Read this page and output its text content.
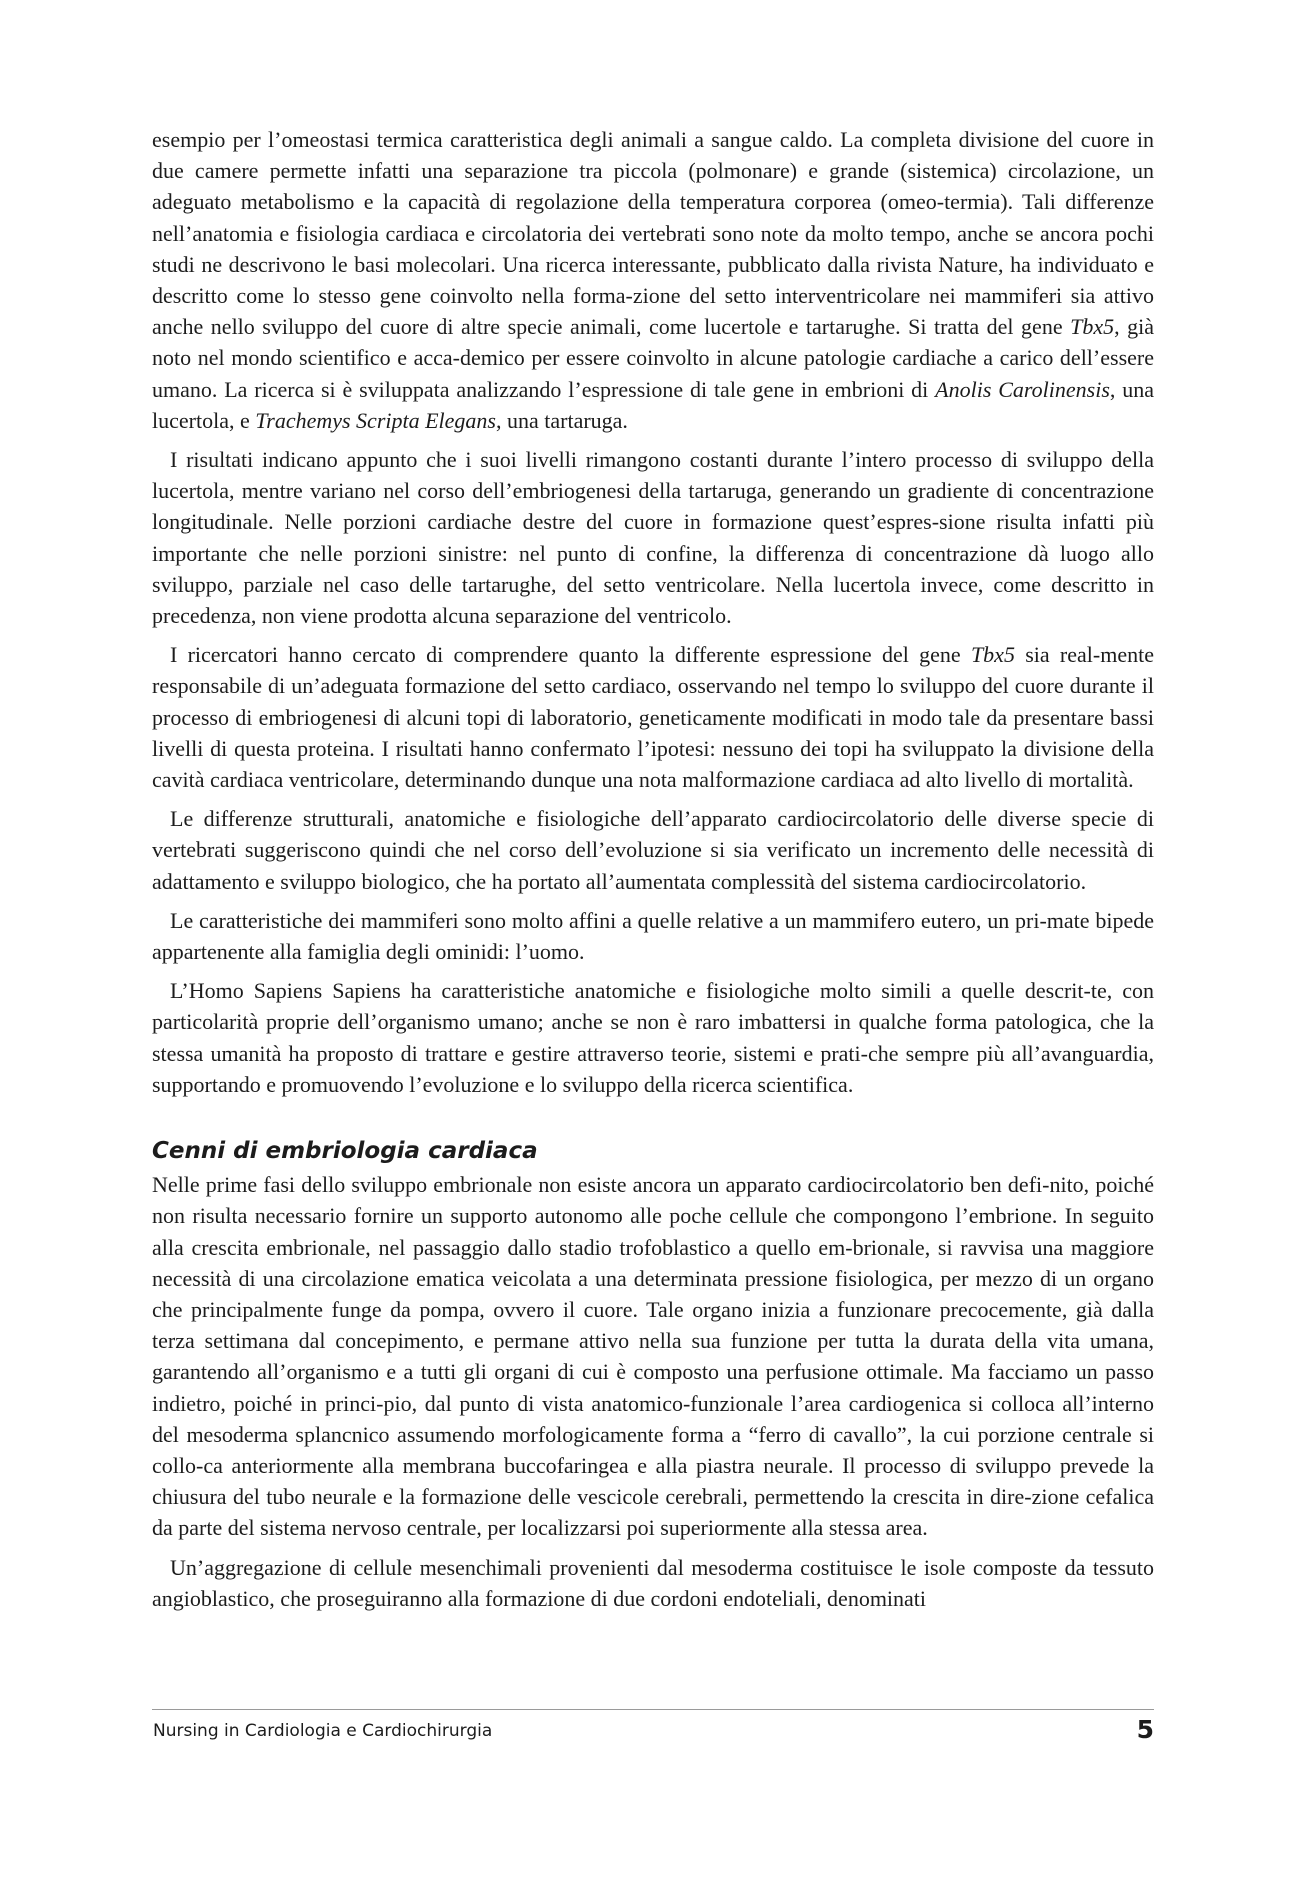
esempio per l’omeostasi termica caratteristica degli animali a sangue caldo. La completa divisione del cuore in due camere permette infatti una separazione tra piccola (polmonare) e grande (sistemica) circolazione, un adeguato metabolismo e la capacità di regolazione della temperatura corporea (omeo-termia). Tali differenze nell’anatomia e fisiologia cardiaca e circolatoria dei vertebrati sono note da molto tempo, anche se ancora pochi studi ne descrivono le basi molecolari. Una ricerca interessante, pubblicato dalla rivista Nature, ha individuato e descritto come lo stesso gene coinvolto nella forma-zione del setto interventricolare nei mammiferi sia attivo anche nello sviluppo del cuore di altre specie animali, come lucertole e tartarughe. Si tratta del gene Tbx5, già noto nel mondo scientifico e acca-demico per essere coinvolto in alcune patologie cardiache a carico dell’essere umano. La ricerca si è sviluppata analizzando l’espressione di tale gene in embrioni di Anolis Carolinensis, una lucertola, e Trachemys Scripta Elegans, una tartaruga.

I risultati indicano appunto che i suoi livelli rimangono costanti durante l’intero processo di sviluppo della lucertola, mentre variano nel corso dell’embriogenesi della tartaruga, generando un gradiente di concentrazione longitudinale. Nelle porzioni cardiache destre del cuore in formazione quest’espres-sione risulta infatti più importante che nelle porzioni sinistre: nel punto di confine, la differenza di concentrazione dà luogo allo sviluppo, parziale nel caso delle tartarughe, del setto ventricolare. Nella lucertola invece, come descritto in precedenza, non viene prodotta alcuna separazione del ventricolo.

I ricercatori hanno cercato di comprendere quanto la differente espressione del gene Tbx5 sia real-mente responsabile di un’adeguata formazione del setto cardiaco, osservando nel tempo lo sviluppo del cuore durante il processo di embriogenesi di alcuni topi di laboratorio, geneticamente modificati in modo tale da presentare bassi livelli di questa proteina. I risultati hanno confermato l’ipotesi: nessuno dei topi ha sviluppato la divisione della cavità cardiaca ventricolare, determinando dunque una nota malformazione cardiaca ad alto livello di mortalità.

Le differenze strutturali, anatomiche e fisiologiche dell’apparato cardiocircolatorio delle diverse specie di vertebrati suggeriscono quindi che nel corso dell’evoluzione si sia verificato un incremento delle necessità di adattamento e sviluppo biologico, che ha portato all’aumentata complessità del sistema cardiocircolatorio.

Le caratteristiche dei mammiferi sono molto affini a quelle relative a un mammifero eutero, un pri-mate bipede appartenente alla famiglia degli ominidi: l’uomo.

L’Homo Sapiens Sapiens ha caratteristiche anatomiche e fisiologiche molto simili a quelle descrit-te, con particolarità proprie dell’organismo umano; anche se non è raro imbattersi in qualche forma patologica, che la stessa umanità ha proposto di trattare e gestire attraverso teorie, sistemi e prati-che sempre più all’avanguardia, supportando e promuovendo l’evoluzione e lo sviluppo della ricerca scientifica.

Cenni di embriologia cardiaca

Nelle prime fasi dello sviluppo embrionale non esiste ancora un apparato cardiocircolatorio ben defi-nito, poiché non risulta necessario fornire un supporto autonomo alle poche cellule che compongono l’embrione. In seguito alla crescita embrionale, nel passaggio dallo stadio trofoblastico a quello em-brionale, si ravvisa una maggiore necessità di una circolazione ematica veicolata a una determinata pressione fisiologica, per mezzo di un organo che principalmente funge da pompa, ovvero il cuore. Tale organo inizia a funzionare precocemente, già dalla terza settimana dal concepimento, e permane attivo nella sua funzione per tutta la durata della vita umana, garantendo all’organismo e a tutti gli organi di cui è composto una perfusione ottimale. Ma facciamo un passo indietro, poiché in princi-pio, dal punto di vista anatomico-funzionale l’area cardiogenica si colloca all’interno del mesoderma splancnico assumendo morfologicamente forma a “ferro di cavallo”, la cui porzione centrale si collo-ca anteriormente alla membrana buccofaringea e alla piastra neurale. Il processo di sviluppo prevede la chiusura del tubo neurale e la formazione delle vescicole cerebrali, permettendo la crescita in dire-zione cefalica da parte del sistema nervoso centrale, per localizzarsi poi superiormente alla stessa area.

Un’aggregazione di cellule mesenchimali provenienti dal mesoderma costituisce le isole composte da tessuto angioblastico, che proseguiranno alla formazione di due cordoni endoteliali, denominati

Nursing in Cardiologia e Cardiochirurgia	5
